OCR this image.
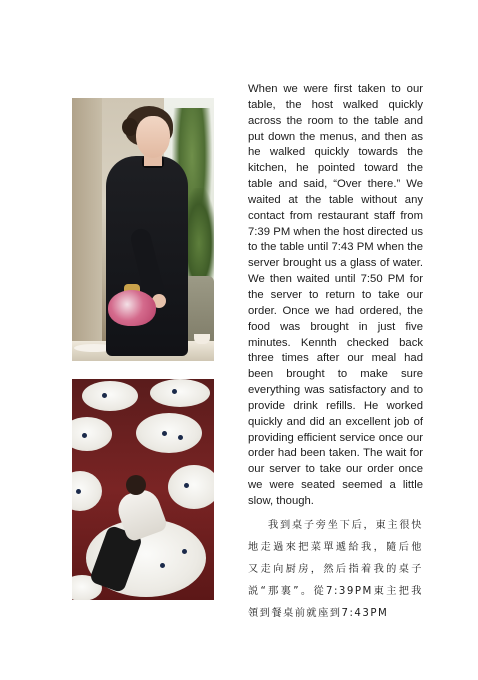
When we were first taken to our table, the host walked quickly across the room to the table and put down the menus, and then as he walked quickly towards the kitchen, he pointed toward the table and said, “Over there.” We waited at the table without any contact from restaurant staff from 7:39 PM when the host directed us to the table until 7:43 PM when the server brought us a glass of water. We then waited until 7:50 PM for the server to return to take our order. Once we had ordered, the food was brought in just five minutes. Kennth checked back three times after our meal had been brought to make sure everything was satisfactory and to provide drink refills. He worked quickly and did an excellent job of providing efficient service once our order had been taken. The wait for our server to take our order once we were seated seemed a little slow, though.

我到桌子旁坐下后，東主很快地走過來把菜單遞給我，隨后他又走向厨房，然后指着我的桌子説“那裏”。從7:39PM東主把我領到餐桌前就座到7:43PM
